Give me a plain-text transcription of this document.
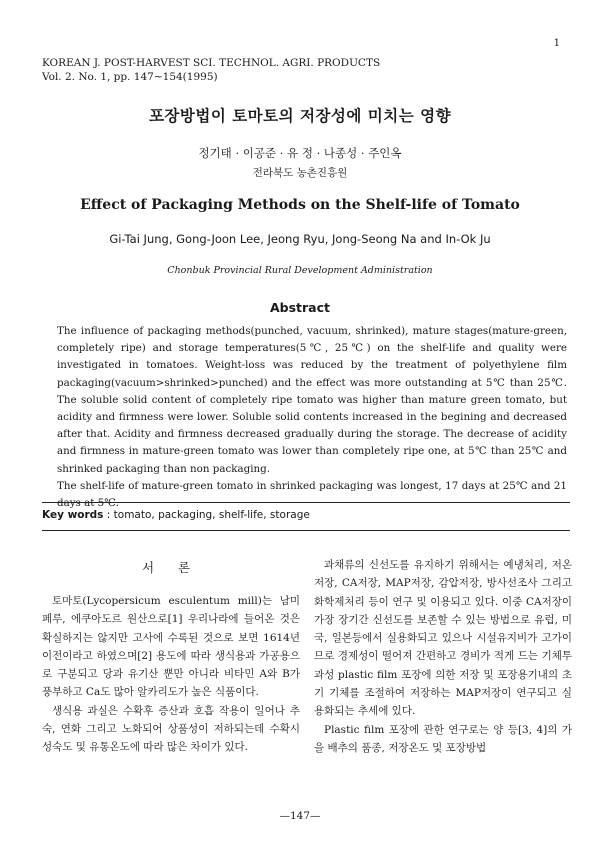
1
KOREAN J. POST-HARVEST SCI. TECHNOL. AGRI. PRODUCTS
Vol. 2. No. 1, pp. 147∼154(1995)
포장방법이 토마토의 저장성에 미치는 영향
정기태 · 이공준 · 유 정 · 나종성 · 주인옥
전라북도 농촌진흥원
Effect of Packaging Methods on the Shelf-life of Tomato
Gi-Tai Jung, Gong-Joon Lee, Jeong Ryu, Jong-Seong Na and In-Ok Ju
Chonbuk Provincial Rural Development Administration
Abstract

The influence of packaging methods(punched, vacuum, shrinked), mature stages(mature-green, completely ripe) and storage temperatures(5℃, 25℃) on the shelf-life and quality were investigated in tomatoes. Weight-loss was reduced by the treatment of polyethylene film packaging(vacuum>shrinked>punched) and the effect was more outstanding at 5℃ than 25℃. The soluble solid content of completely ripe tomato was higher than mature green tomato, but acidity and firmness were lower. Soluble solid contents increased in the begining and decreased after that. Acidity and firmness decreased gradually during the storage. The decrease of acidity and firmness in mature-green tomato was lower than completely ripe one, at 5℃ than 25℃ and shrinked packaging than non packaging.

The shelf-life of mature-green tomato in shrinked packaging was longest, 17 days at 25℃ and 21 days at 5℃.

Key words : tomato, packaging, shelf-life, storage
서 론

토마토(Lycopersicum esculentum mill)는 남미 페루, 에쿠아도르 원산으로[1] 우리나라에 들어온 것은 확실하지는 않지만 고사에 수록된 것으로 보면 1614년 이전이라고 하였으며[2] 용도에 따라 생식용과 가공용으로 구분되고 당과 유기산 뿐만 아니라 비타민 A와 B가 풍부하고 Ca도 많아 알카리도가 높은 식품이다.

생식용 과실은 수확후 증산과 호흡 작용이 일어나 추숙, 연화 그리고 노화되어 상품성이 저하되는데 수확시 성숙도 및 유통온도에 따라 많은 차이가 있다.

과채류의 신선도를 유지하기 위해서는 예냉처리, 저온저장, CA저장, MAP저장, 감압저장, 방사선조사 그리고 화학제처리 등이 연구 및 이용되고 있다. 이중 CA저장이 가장 장기간 신선도를 보존할 수 있는 방법으로 유럽, 미국, 일본등에서 실용화되고 있으나 시설유지비가 고가이므로 경제성이 떨어져 간편하고 경비가 적게 드는 기체투과성 plastic film 포장에 의한 저장 및 포장용기내의 초기 기체를 조절하여 저장하는 MAP저장이 연구되고 실용화되는 추세에 있다.

Plastic film 포장에 관한 연구로는 양 등[3, 4]의 가을 배추의 품종, 저장온도 및 포장방법

—147—
